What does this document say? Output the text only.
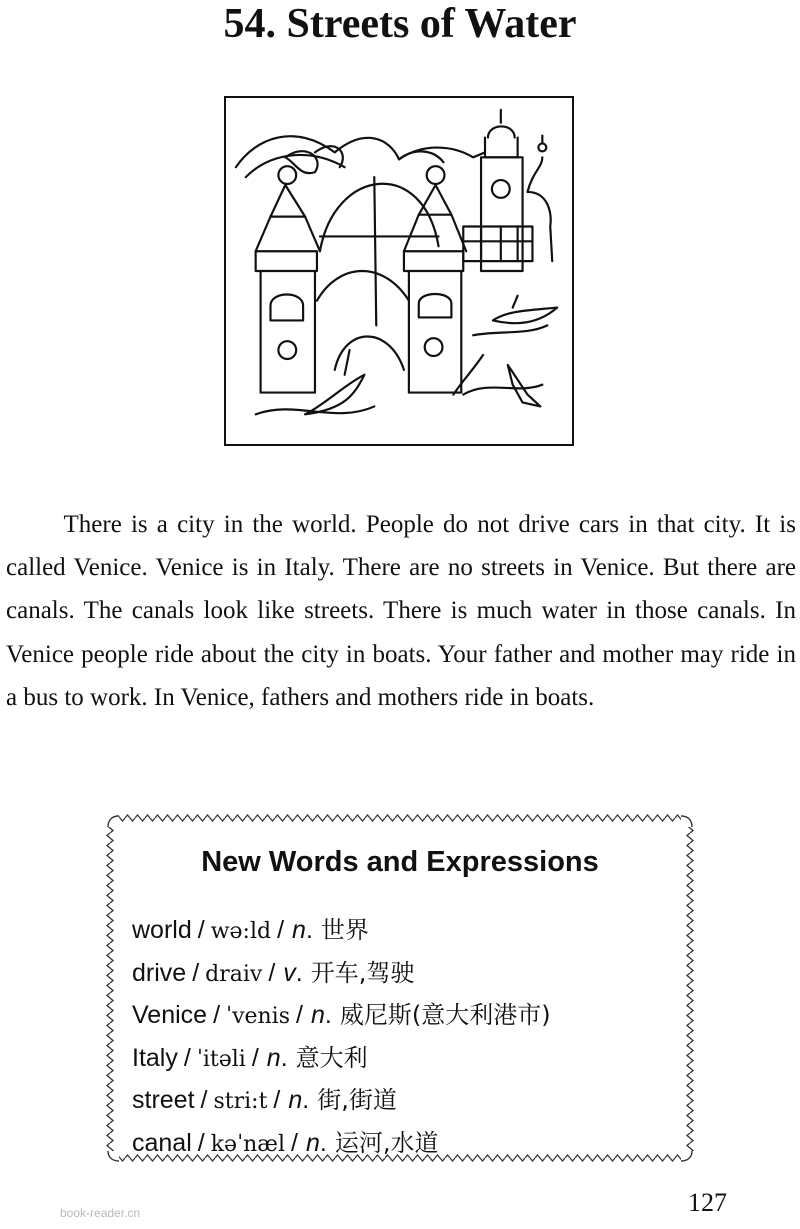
54. Streets of Water

There is a city in the world. People do not drive cars in that city. It is called Venice. Venice is in Italy. There are no streets in Venice. But there are canals. The canals look like streets. There is much water in those canals. In Venice people ride about the city in boats. Your father and mother may ride in a bus to work. In Venice, fathers and mothers ride in boats.

New Words and Expressions
world / wə:ld / n. 世界
drive / draiv / v. 开车,驾驶
Venice / ˈvenis / n. 威尼斯(意大利港市)
Italy / ˈitəli / n. 意大利
street / stri:t / n. 街,街道
canal / kəˈnæl / n. 运河,水道
book-reader.cn	127
